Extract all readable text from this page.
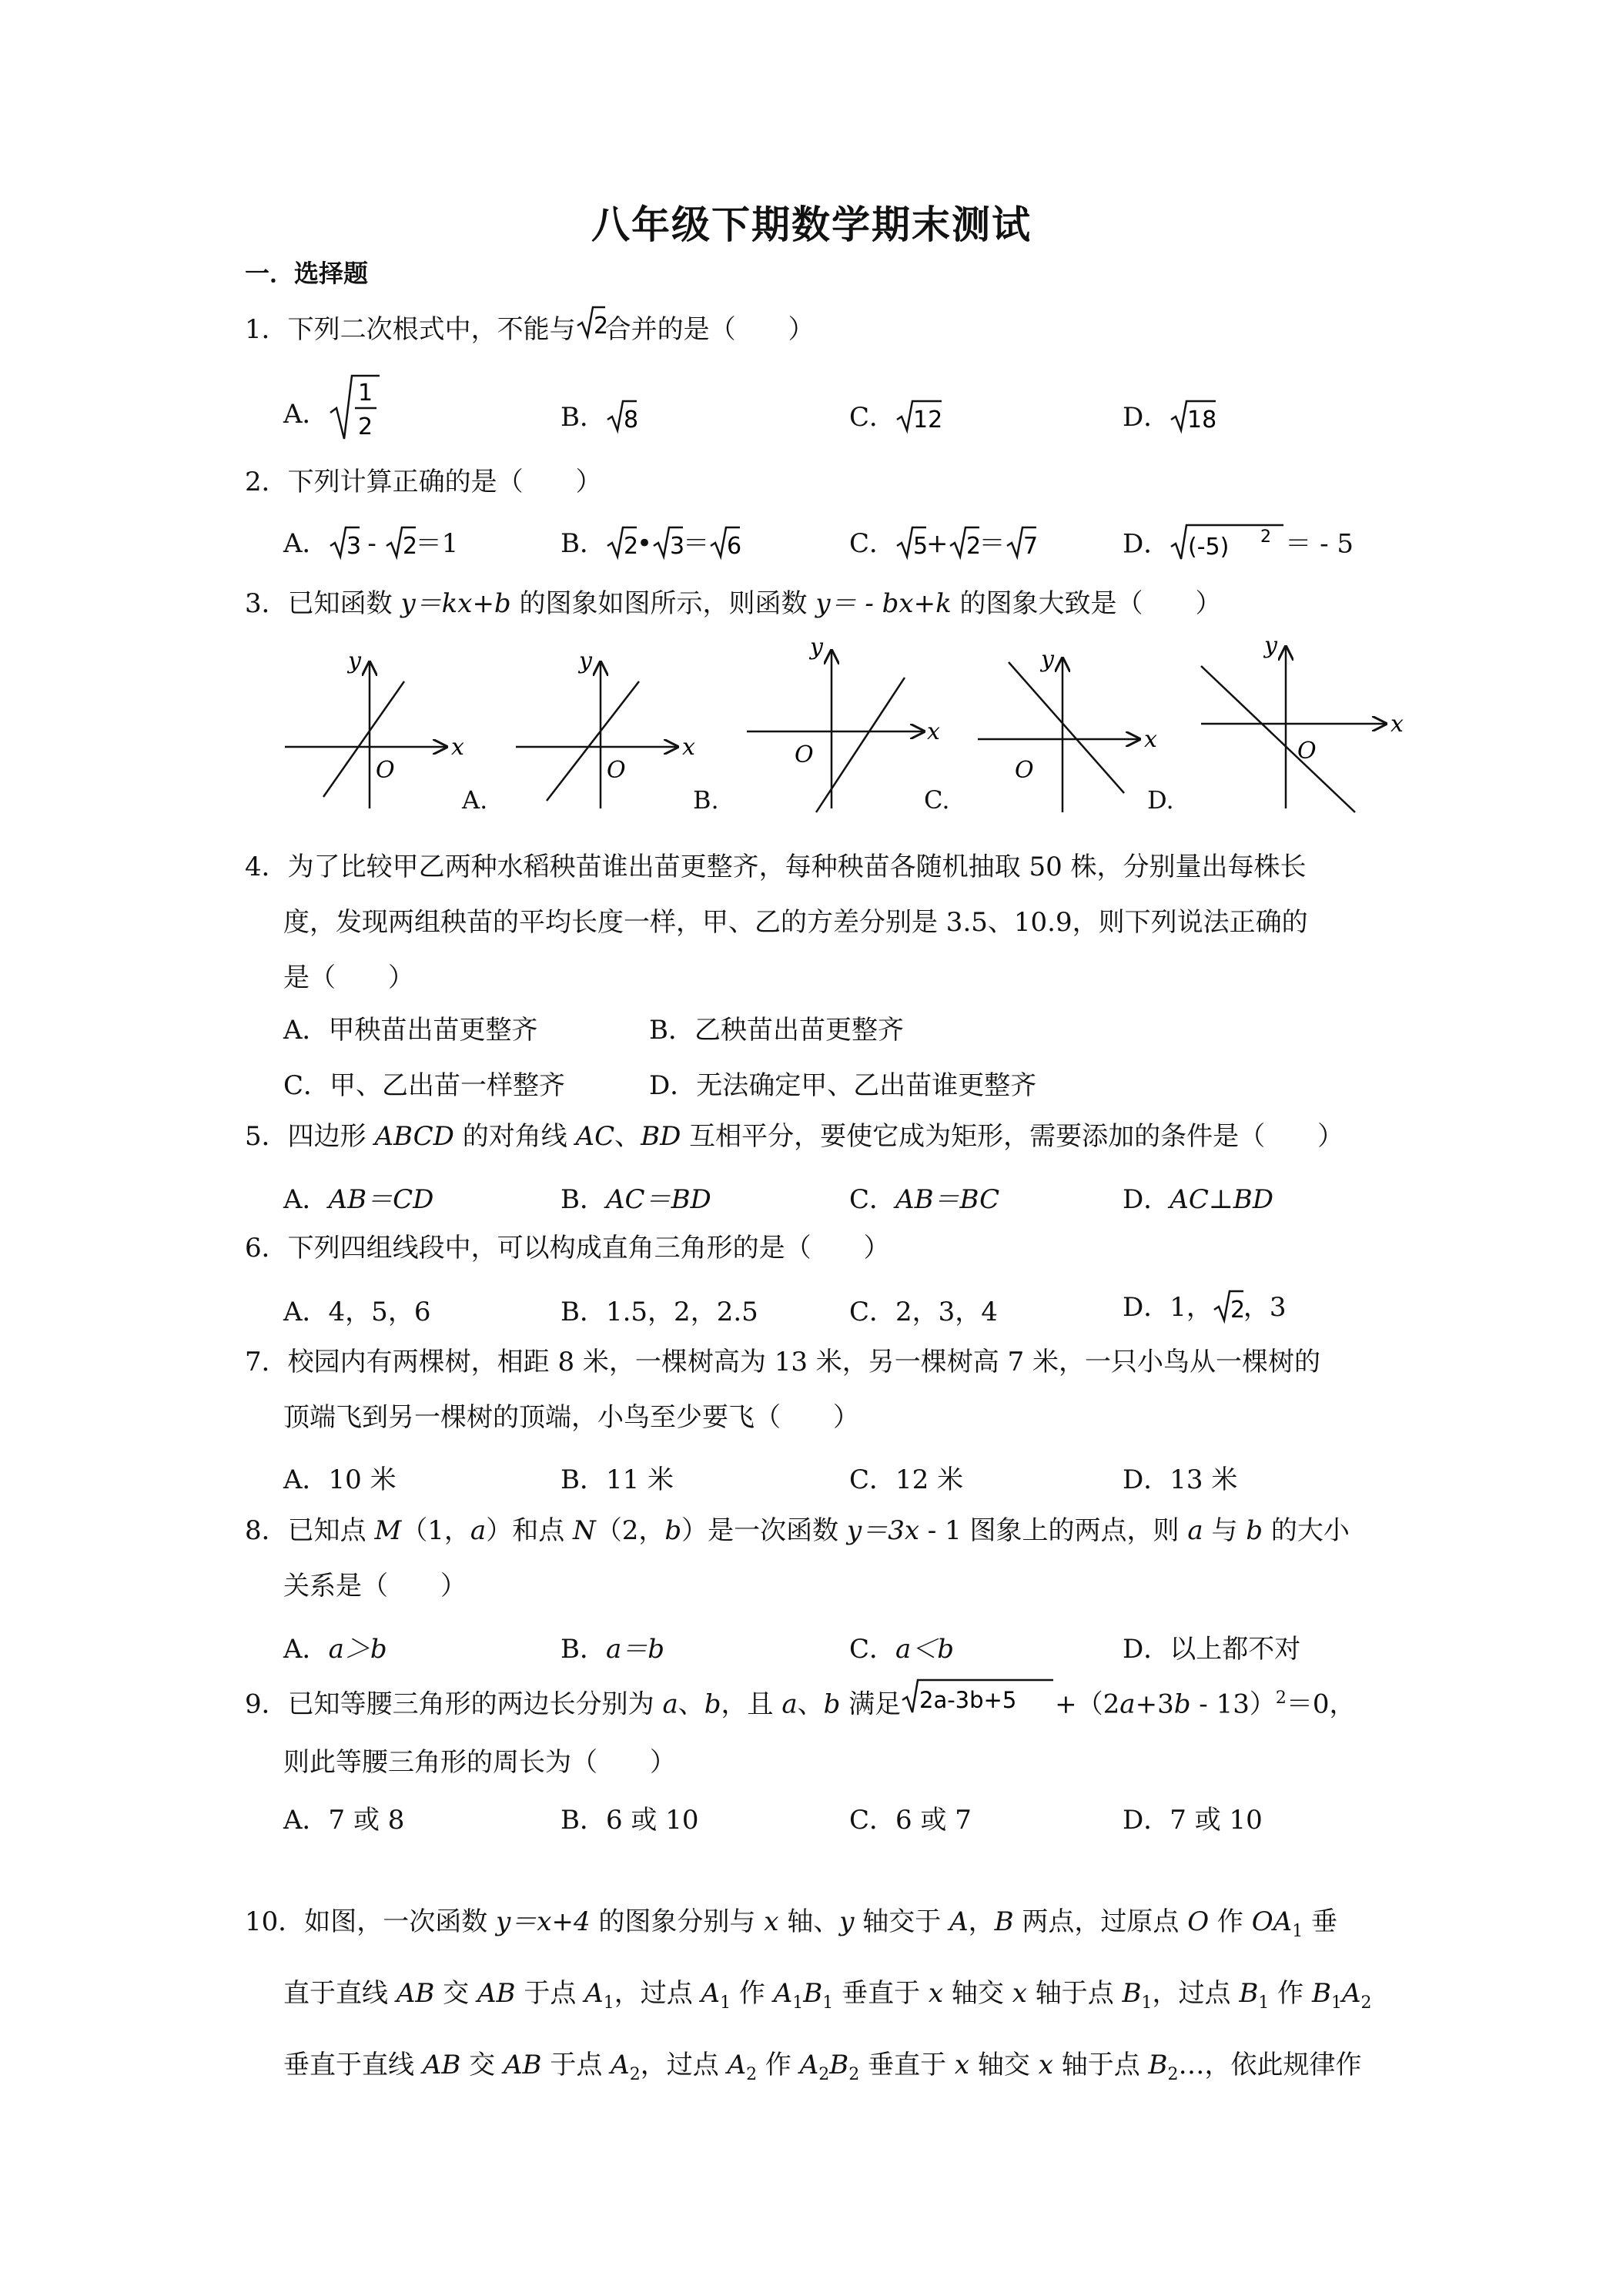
八年级下期数学期末测试
一．选择题
1．下列二次根式中，不能与 2
合并的是（　　）
A．
1
2	B． 8	C． 12	D． 18
2．下列计算正确的是（　　）
A． 3
- 2
＝1	B． 2
• 3
＝ 6	C． 5
+ 2
＝ 7	D． (-5) 2 ＝ - 5
3．已知函数 y＝kx+b 的图象如图所示，则函数 y＝ - bx+k 的图象大致是（　　）
y
x
O
y
x
O
y
x
O
y
x
O
y
x
O
A.	B.	C.	D.
4．为了比较甲乙两种水稻秧苗谁出苗更整齐，每种秧苗各随机抽取 50 株，分别量出每株长
度，发现两组秧苗的平均长度一样，甲、乙的方差分别是 3.5、10.9，则下列说法正确的
是（　　）
A．甲秧苗出苗更整齐	B．乙秧苗出苗更整齐
C．甲、乙出苗一样整齐	D．无法确定甲、乙出苗谁更整齐
5．四边形 ABCD 的对角线 AC、BD 互相平分，要使它成为矩形，需要添加的条件是（　　）
A．AB＝CD	B．AC＝BD	C．AB＝BC	D．AC⊥BD
6．下列四组线段中，可以构成直角三角形的是（　　）
A．4，5，6	B．1.5，2，2.5	C．2，3，4	D．1， 2
，3
7．校园内有两棵树，相距 8 米，一棵树高为 13 米，另一棵树高 7 米，一只小鸟从一棵树的
顶端飞到另一棵树的顶端，小鸟至少要飞（　　）
A．10 米	B．11 米	C．12 米	D．13 米
8．已知点 M（1，a）和点 N（2，b）是一次函数 y＝3x - 1 图象上的两点，则 a 与 b 的大小
关系是（　　）
A．a＞b	B．a＝b	C．a＜b	D．以上都不对
9．已知等腰三角形的两边长分别为 a、b，且 a、b 满足 $2a-3b+5 +(2a+3b - 13)^2=0$，
则此等腰三角形的周长为（　　）
A．7 或 8	B．6 或 10	C．6 或 7	D．7 或 10
10．如图，一次函数 y＝x+4 的图象分别与 x 轴、y 轴交于 A，B 两点，过原点 O 作 $OA_1$ 垂
直于直线 AB 交 AB 于点 $A_1$，过点 $A_1$ 作 $A_1B_1$ 垂直于 x 轴交 x 轴于点 $B_1$，过点 $B_1$ 作 $B_1A_2$
垂直于直线 AB 交 AB 于点 $A_2$，过点 $A_2$ 作 $A_2B_2$ 垂直于 x 轴交 x 轴于点 $B_2\dots$，依此规律作
